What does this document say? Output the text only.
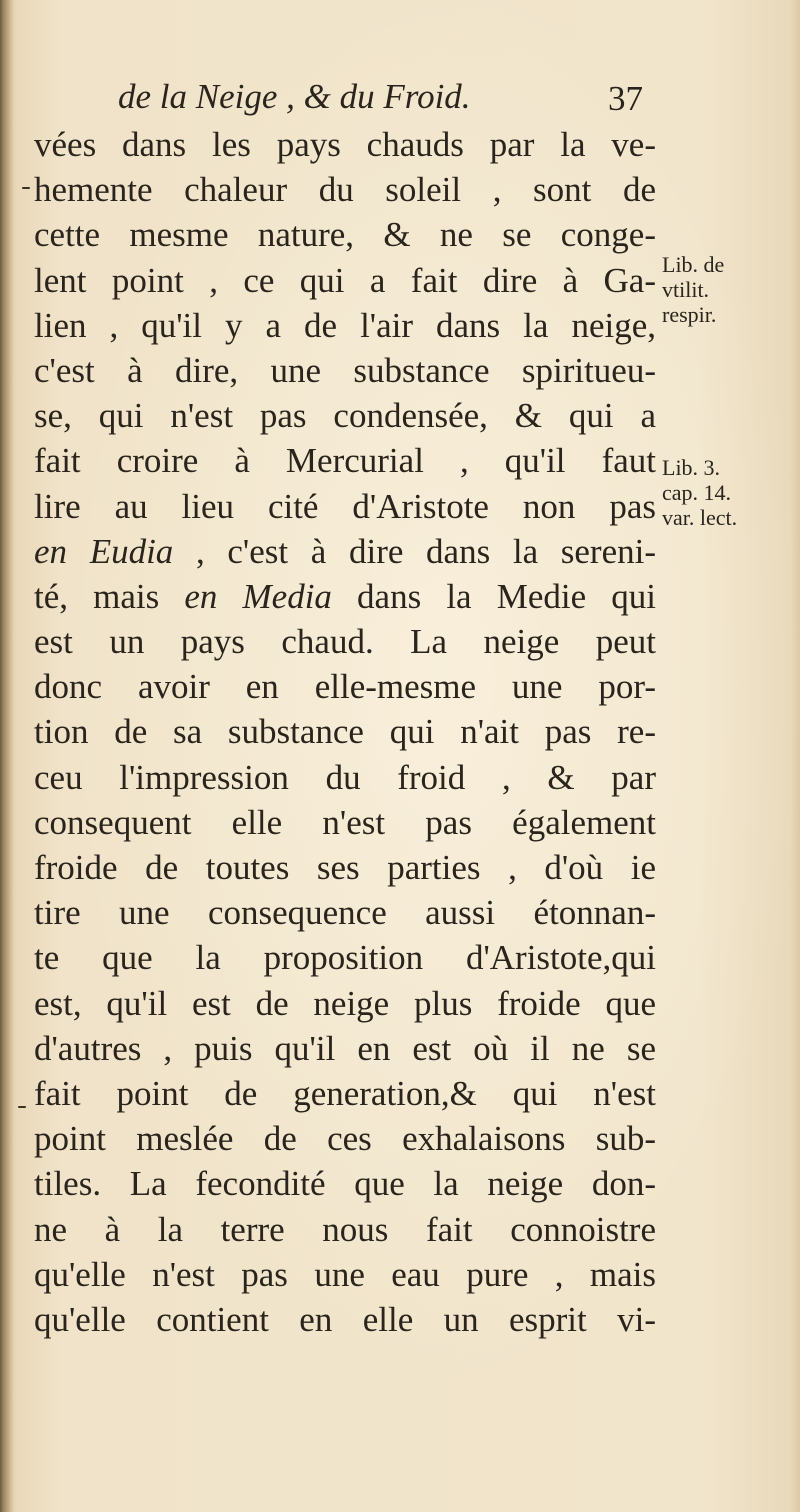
de la Neige , & du Froid.	37
vées dans les pays chauds par la ve-
hemente chaleur du soleil , sont de
cette mesme nature, & ne se conge-
lent point , ce qui a fait dire à Ga-
lien , qu'il y a de l'air dans la neige,
c'est à dire, une substance spiritueu-
se, qui n'est pas condensée, & qui a
fait croire à Mercurial , qu'il faut
lire au lieu cité d'Aristote non pas
en Eudia , c'est à dire dans la sereni-
té, mais en Media dans la Medie qui
est un pays chaud. La neige peut
donc avoir en elle-mesme une por-
tion de sa substance qui n'ait pas re-
ceu l'impression du froid , & par
consequent elle n'est pas également
froide de toutes ses parties , d'où ie
tire une consequence aussi étonnan-
te que la proposition d'Aristote,qui
est, qu'il est de neige plus froide que
d'autres , puis qu'il en est où il ne se
fait point de generation,& qui n'est
point meslée de ces exhalaisons sub-
tiles. La fecondité que la neige don-
ne à la terre nous fait connoistre
qu'elle n'est pas une eau pure , mais
qu'elle contient en elle un esprit vi-
Lib. de
vtilit.
respir.
Lib. 3.
cap. 14.
var. lect.
